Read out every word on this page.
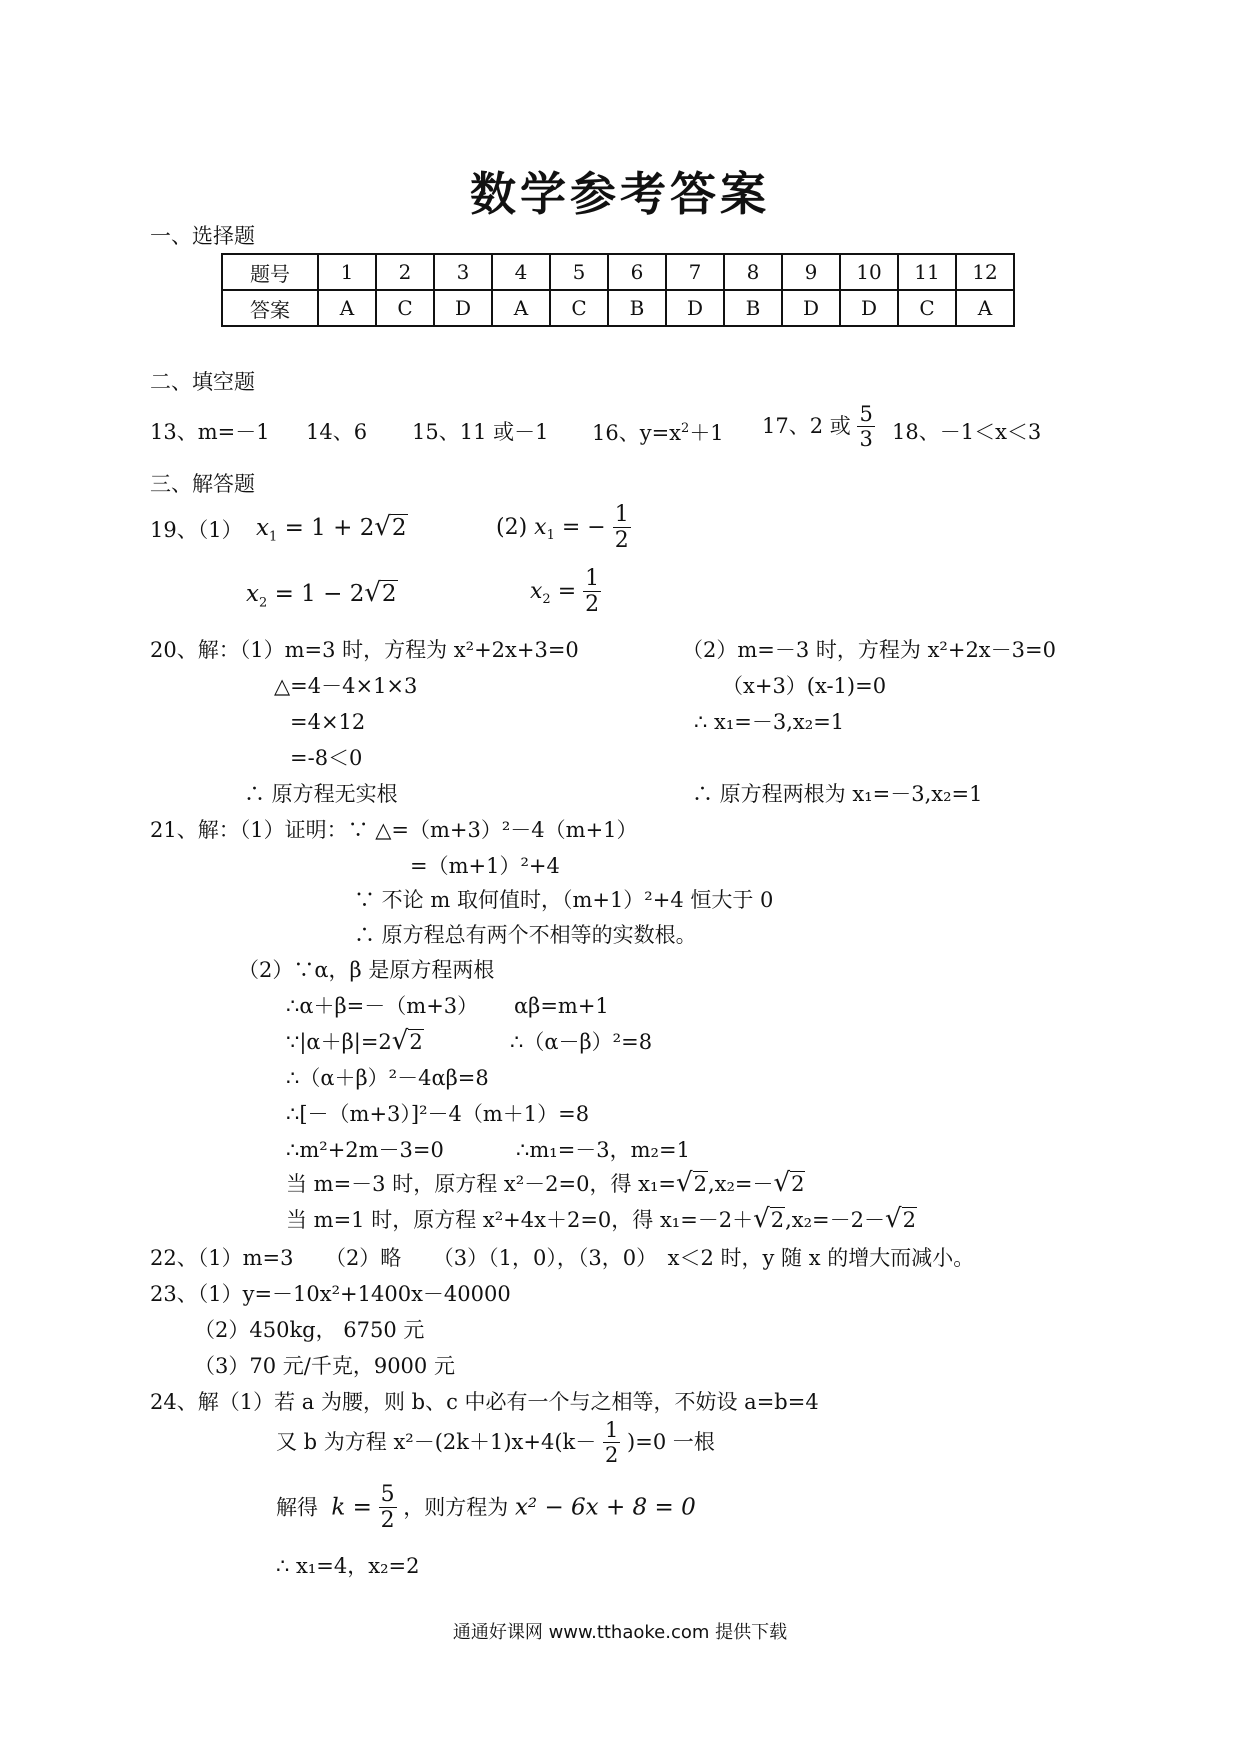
数学参考答案
一、选择题
题号	1	2	3	4	5	6	7	8	9	10	11	12
答案	A	C	D	A	C	B	D	B	D	D	C	A
二、填空题
13、m=－1 14、6 15、11 或－1 16、$y=x^2+1$ 17、2 或 $\frac{5}{3} 18$、－1＜x＜3
三、解答题
19、（1） $x_1 = 1 + 2√2$
$x_2 = 1 - 2√2$
(2) $x_1$ = − $\frac{1}{2}$
$x_2 = \frac{1}{2}$
20、解：（1）m=3 时，方程为 x²+2x+3=0
△=4－4×1×3
=4×12
=-8＜0
∴ 原方程无实根
（2）m=－3 时，方程为 x²+2x－3=0
（x+3）(x-1)=0
∴ x₁=－3,x₂=1
∴ 原方程两根为 x₁=－3,x₂=1
21、解：（1）证明：∵ △=（m+3）²－4（m+1）
=（m+1）²+4
∵ 不论 m 取何值时，（m+1）²+4 恒大于 0
∴ 原方程总有两个不相等的实数根。
（2）∵α，β 是原方程两根
∴α＋β=－（m+3） αβ=m+1
∵|α＋β|=2√2	∴（α－β）²=8
∴（α＋β）²－4αβ=8
∴[－（m+3）]²－4（m＋1）=8
∴m²+2m－3=0	∴m₁=－3，m₂=1
当 m=－3 时，原方程 x²－2=0，得 x₁=√2,x₂=－√2
当 m=1 时，原方程 x²+4x＋2=0，得 x₁=－2＋√2,x₂=－2－√2
22、（1）m=3　　（2）略　　（3）（1，0），（3，0）　x＜2 时，y 随 x 的增大而减小。
23、（1）y=－10x²+1400x－40000
（2）450kg， 6750 元
（3）70 元/千克，9000 元
24、解（1）若 a 为腰，则 b、c 中必有一个与之相等，不妨设 a=b=4
又 b 为方程 $x^2-(2k+1)x+4(k- \frac{1}{2} )=0$ 一根
解得 $k = \frac{5}{2}$ ，则方程为 x² − 6x + 8 = 0
∴ x₁=4，x₂=2
通通好课网 www.tthaoke.com 提供下载
